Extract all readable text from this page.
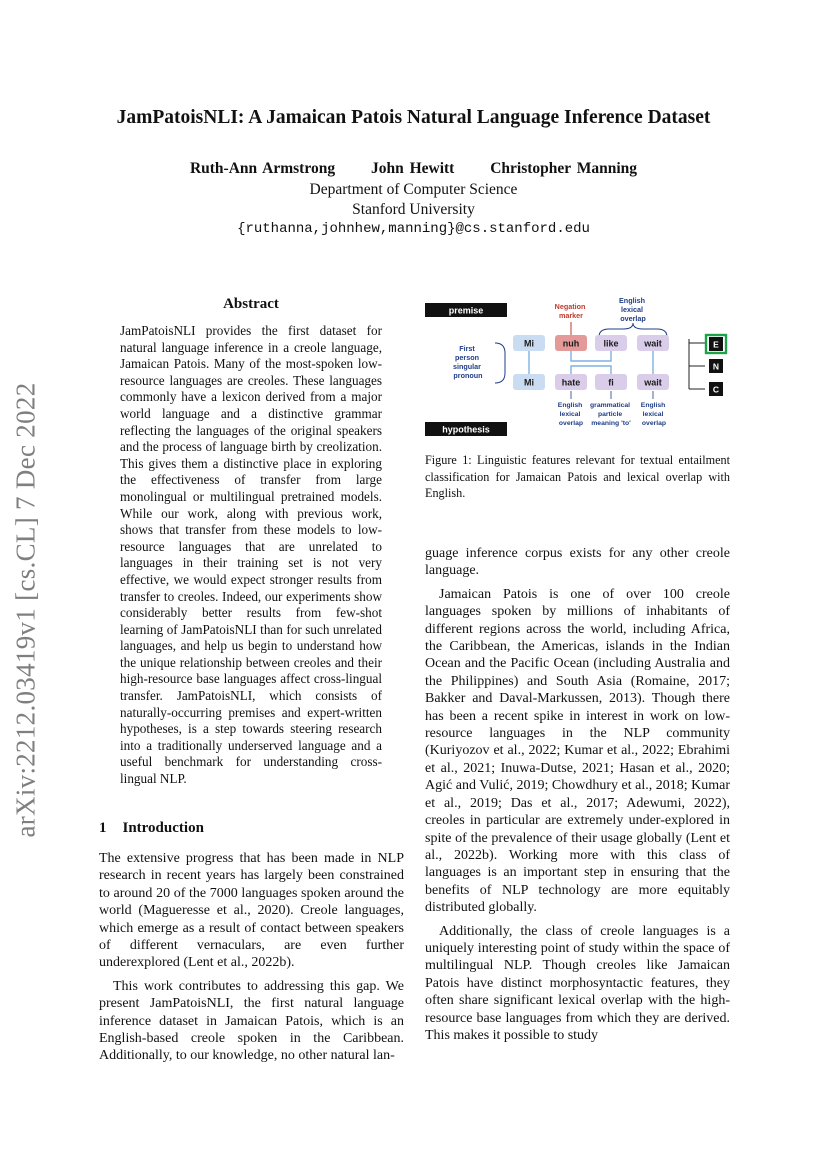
arXiv:2212.03419v1 [cs.CL] 7 Dec 2022
JamPatoisNLI: A Jamaican Patois Natural Language Inference Dataset
Ruth-Ann Armstrong John Hewitt Christopher Manning
Department of Computer Science
Stanford University
{ruthanna,johnhew,manning}@cs.stanford.edu
Abstract
JamPatoisNLI provides the first dataset for natural language inference in a creole language, Jamaican Patois. Many of the most-spoken low-resource languages are creoles. These languages commonly have a lexicon derived from a major world language and a distinctive grammar reflecting the languages of the original speakers and the process of language birth by creolization. This gives them a distinctive place in exploring the effectiveness of transfer from large monolingual or multilingual pretrained models. While our work, along with previous work, shows that transfer from these models to low-resource languages that are unrelated to languages in their training set is not very effective, we would expect stronger results from transfer to creoles. Indeed, our experiments show considerably better results from few-shot learning of JamPatoisNLI than for such unrelated languages, and help us begin to understand how the unique relationship between creoles and their high-resource base languages affect cross-lingual transfer. JamPatoisNLI, which consists of naturally-occurring premises and expert-written hypotheses, is a step towards steering research into a traditionally underserved language and a useful benchmark for understanding cross-lingual NLP.
1 Introduction

The extensive progress that has been made in NLP research in recent years has largely been constrained to around 20 of the 7000 languages spoken around the world (Magueresse et al., 2020). Creole languages, which emerge as a result of contact between speakers of different vernaculars, are even further underexplored (Lent et al., 2022b).

This work contributes to addressing this gap. We present JamPatoisNLI, the first natural language inference dataset in Jamaican Patois, which is an English-based creole spoken in the Caribbean. Additionally, to our knowledge, no other natural lan-

premise
hypothesis
First person singular pronoun
Negation marker
English lexical overlap
Mi	nuh	like	wait
Mi	hate	fi	wait
English lexical overlap
grammatical particle meaning 'to'
English lexical overlap
E
N
C
Figure 1: Linguistic features relevant for textual entailment classification for Jamaican Patois and lexical overlap with English.

guage inference corpus exists for any other creole language.

Jamaican Patois is one of over 100 creole languages spoken by millions of inhabitants of different regions across the world, including Africa, the Caribbean, the Americas, islands in the Indian Ocean and the Pacific Ocean (including Australia and the Philippines) and South Asia (Romaine, 2017; Bakker and Daval-Markussen, 2013). Though there has been a recent spike in interest in work on low-resource languages in the NLP community (Kuriyozov et al., 2022; Kumar et al., 2022; Ebrahimi et al., 2021; Inuwa-Dutse, 2021; Hasan et al., 2020; Agić and Vulić, 2019; Chowdhury et al., 2018; Kumar et al., 2019; Das et al., 2017; Adewumi, 2022), creoles in particular are extremely under-explored in spite of the prevalence of their usage globally (Lent et al., 2022b). Working more with this class of languages is an important step in ensuring that the benefits of NLP technology are more equitably distributed globally.

Additionally, the class of creole languages is a uniquely interesting point of study within the space of multilingual NLP. Though creoles like Jamaican Patois have distinct morphosyntactic features, they often share significant lexical overlap with the high-resource base languages from which they are derived. This makes it possible to study
